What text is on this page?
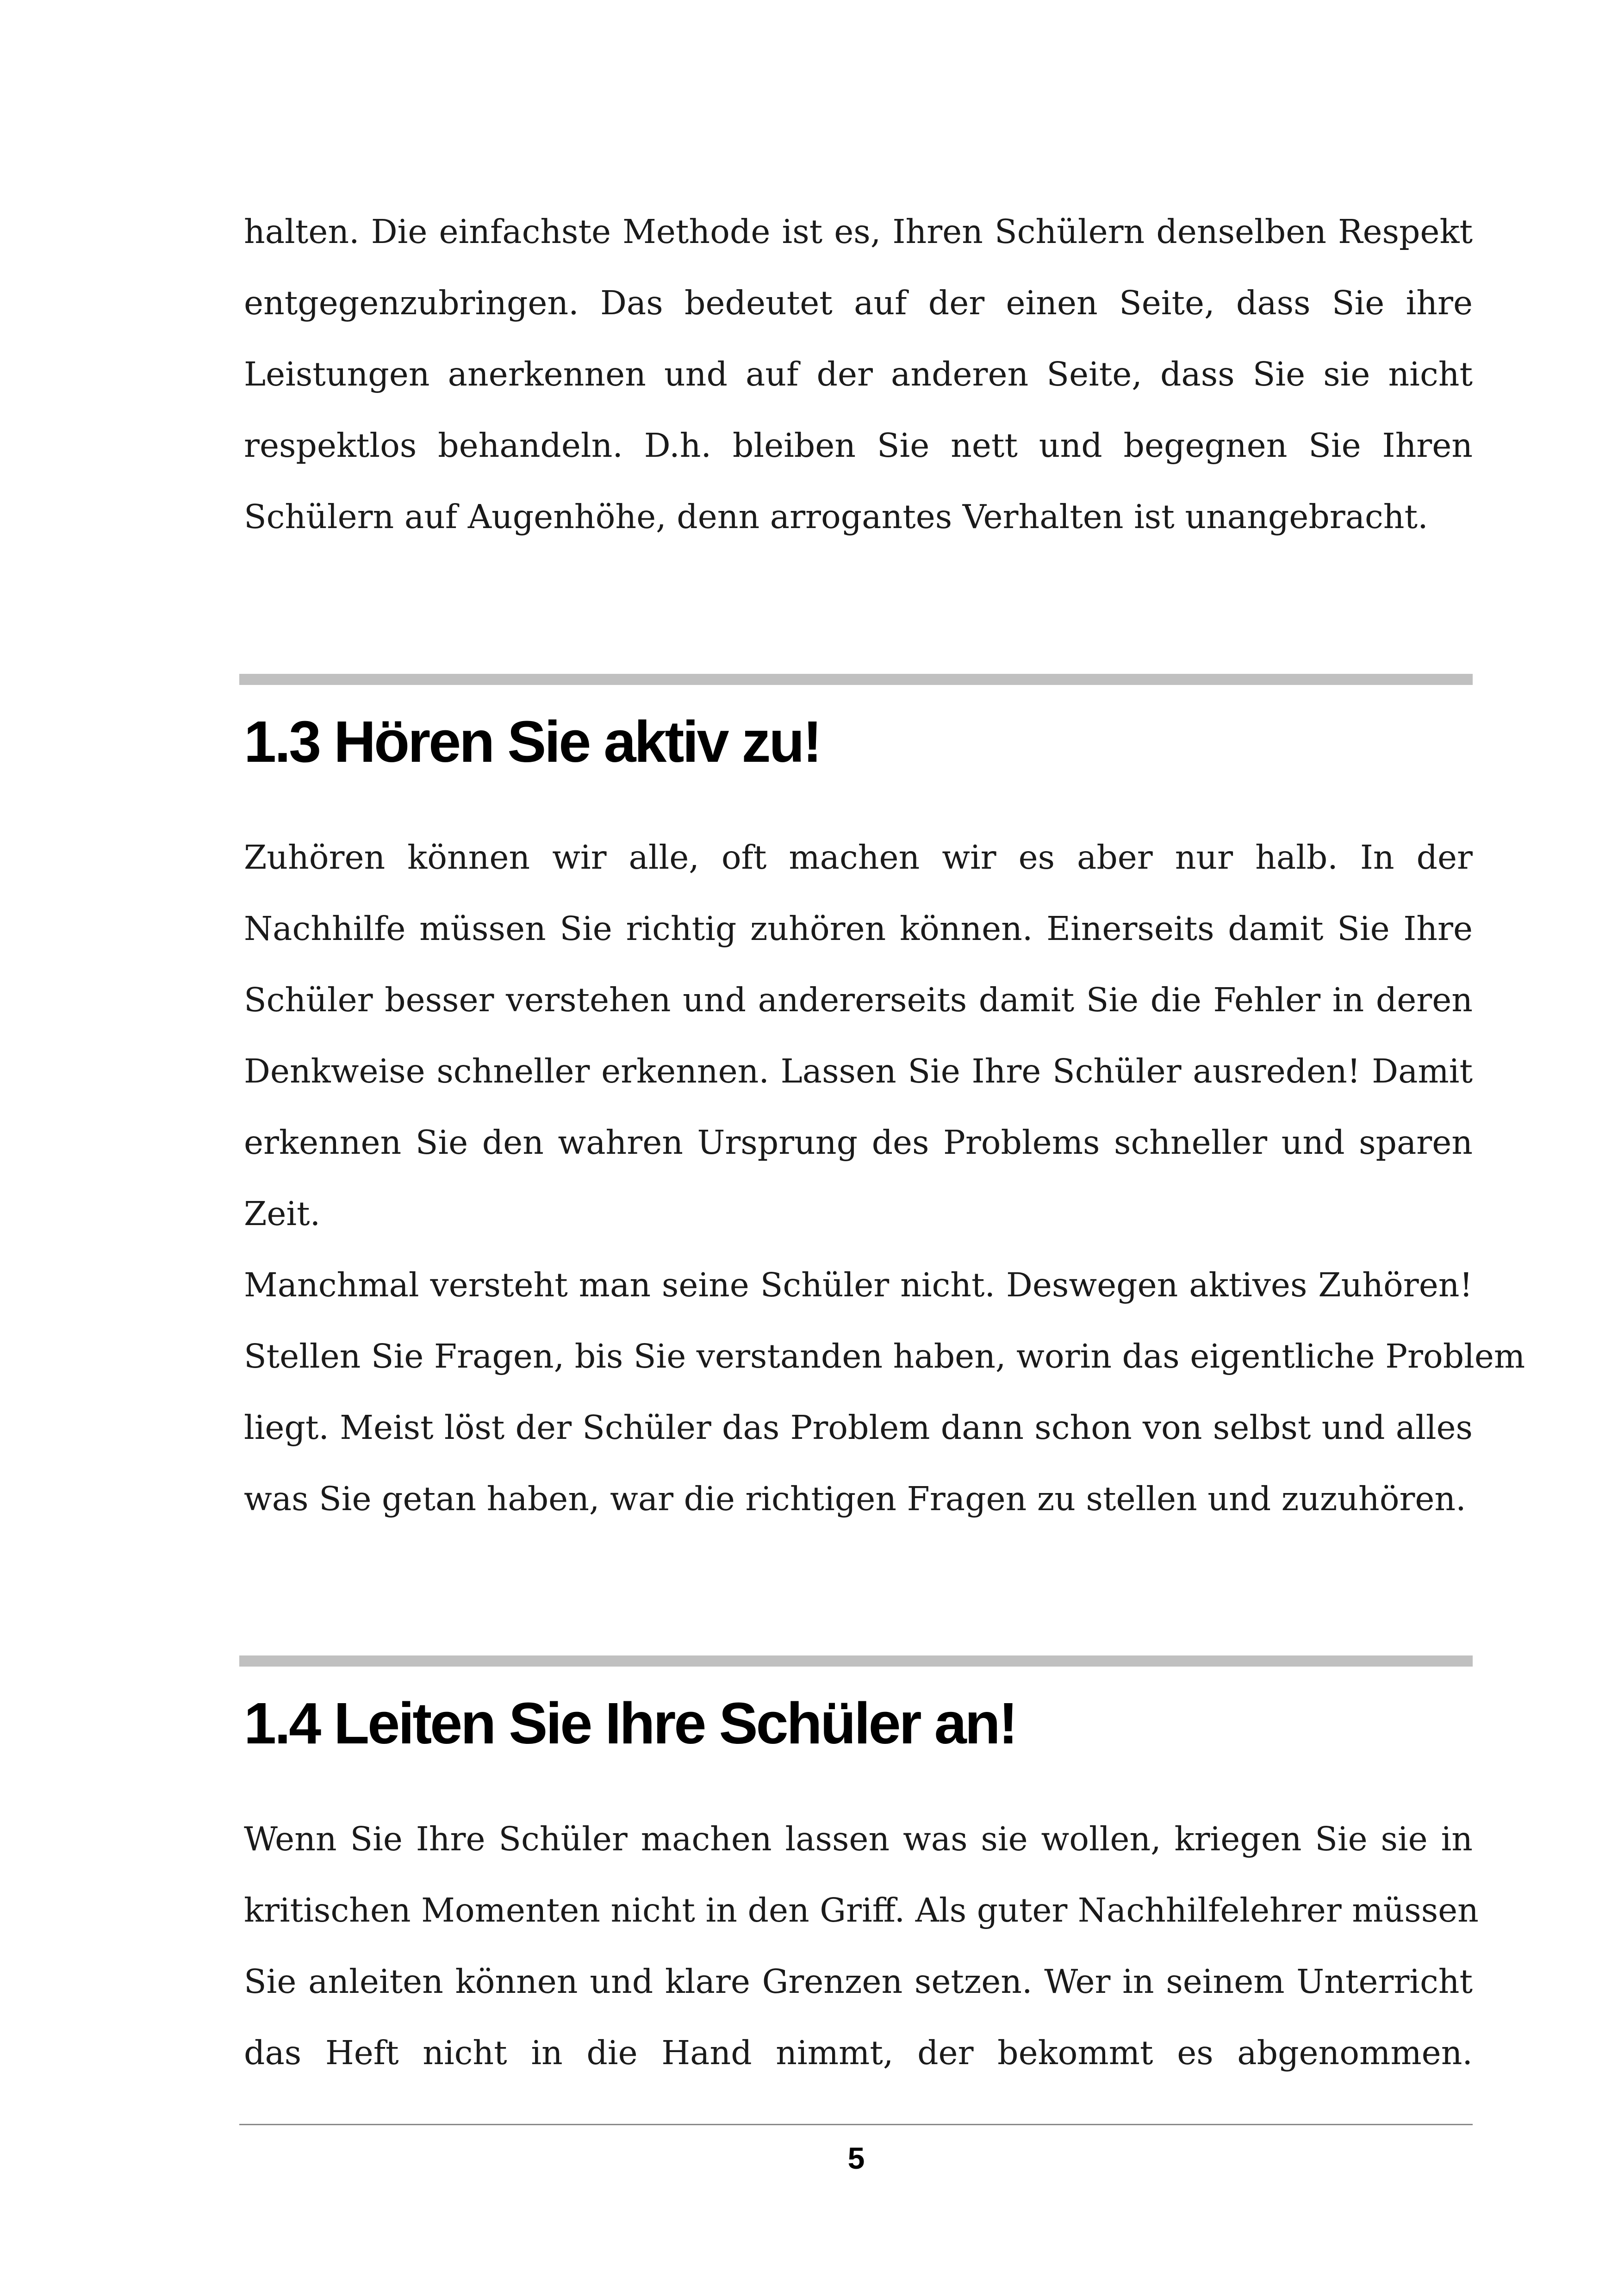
halten. Die einfachste Methode ist es, Ihren Schülern denselben Respekt
entgegenzubringen. Das bedeutet auf der einen Seite, dass Sie ihre
Leistungen anerkennen und auf der anderen Seite, dass Sie sie nicht
respektlos behandeln. D.h. bleiben Sie nett und begegnen Sie Ihren
Schülern auf Augenhöhe, denn arrogantes Verhalten ist unangebracht.

1.3 Hören Sie aktiv zu!

Zuhören können wir alle, oft machen wir es aber nur halb. In der
Nachhilfe müssen Sie richtig zuhören können. Einerseits damit Sie Ihre
Schüler besser verstehen und andererseits damit Sie die Fehler in deren
Denkweise schneller erkennen. Lassen Sie Ihre Schüler ausreden! Damit
erkennen Sie den wahren Ursprung des Problems schneller und sparen
Zeit.
Manchmal versteht man seine Schüler nicht. Deswegen aktives Zuhören!
Stellen Sie Fragen, bis Sie verstanden haben, worin das eigentliche Problem
liegt. Meist löst der Schüler das Problem dann schon von selbst und alles
was Sie getan haben, war die richtigen Fragen zu stellen und zuzuhören.

1.4 Leiten Sie Ihre Schüler an!

Wenn Sie Ihre Schüler machen lassen was sie wollen, kriegen Sie sie in
kritischen Momenten nicht in den Griff. Als guter Nachhilfelehrer müssen
Sie anleiten können und klare Grenzen setzen. Wer in seinem Unterricht
das Heft nicht in die Hand nimmt, der bekommt es abgenommen.

5
